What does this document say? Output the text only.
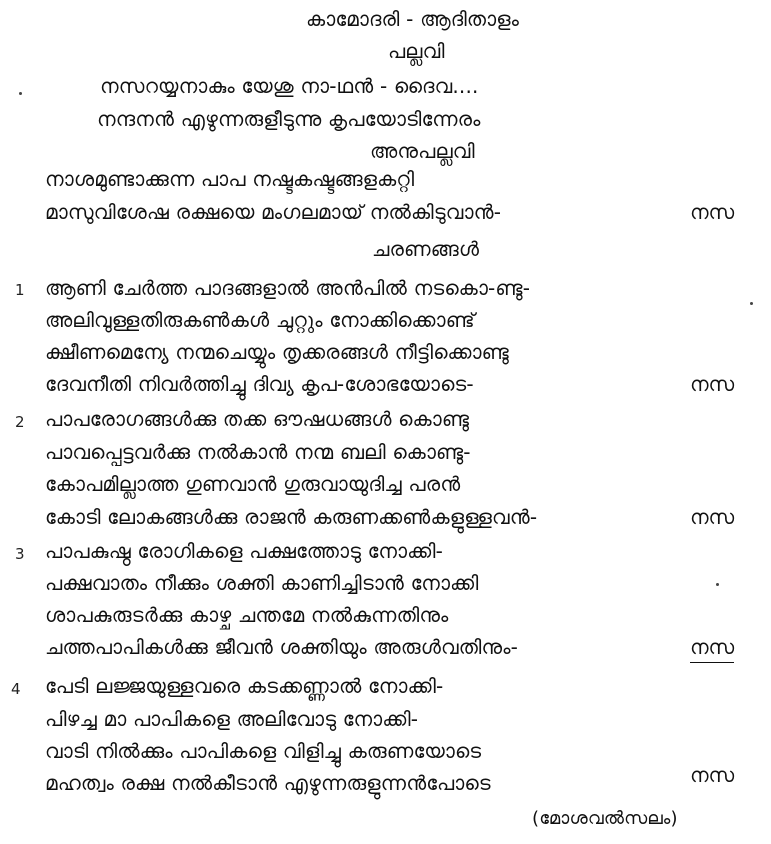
കാമോദരി - ആദിതാളം
പല്ലവി
നസറയ്യനാകും യേശു നാ-ഥൻ - ദൈവ....
നന്ദനൻ എഴുന്നരുളീടുന്നു കൃപയോടിന്നേരം
അനുപല്ലവി
നാശമുണ്ടാക്കുന്ന പാപ നഷ്ടകഷ്ടങ്ങളകറ്റി
മാസുവിശേഷ രക്ഷയെ മംഗലമായ് നൽകിടുവാൻ-	നസ
ചരണങ്ങൾ
1 ആണി ചേർത്ത പാദങ്ങളാൽ അൻപിൽ നടകൊ-ണ്ടു-
അലിവുള്ളതിരുകൺകൾ ചുറ്റും നോക്കിക്കൊണ്ട്
ക്ഷീണമെന്യേ നന്മചെയ്യും തൃക്കരങ്ങൾ നീട്ടിക്കൊണ്ടു
ദേവനീതി നിവർത്തിച്ചു ദിവ്യ കൃപ-ശോഭയോടെ-	നസ
2 പാപരോഗങ്ങൾക്കു തക്ക ഔഷധങ്ങൾ കൊണ്ടു
പാവപ്പെട്ടവർക്കു നൽകാൻ നന്മ ബലി കൊണ്ടു-
കോപമില്ലാത്ത ഗുണവാൻ ഗുരുവായുദിച്ച പരൻ
കോടി ലോകങ്ങൾക്കു രാജൻ കരുണക്കൺകളുള്ളവൻ-	നസ
3 പാപകുഷ്ഠ രോഗികളെ പക്ഷത്തോടു നോക്കി-
പക്ഷവാതം നീക്കും ശക്തി കാണിച്ചിടാൻ നോക്കി
ശാപകുരുടർക്കു കാഴ്ച ചന്തമേ നൽകുന്നതിനും
ചത്തപാപികൾക്കു ജീവൻ ശക്തിയും അരുൾവതിനും-	നസ
4 പേടി ലജ്ജയുള്ളവരെ കടക്കണ്ണാൽ നോക്കി-
പിഴച്ച മാ പാപികളെ അലിവോടു നോക്കി-
വാടി നിൽക്കും പാപികളെ വിളിച്ചു കരുണയോടെ
മഹത്വം രക്ഷ നൽകീടാൻ എഴുന്നരുളുന്നൻപോടെ	നസ
(മോശവൽസലം)
